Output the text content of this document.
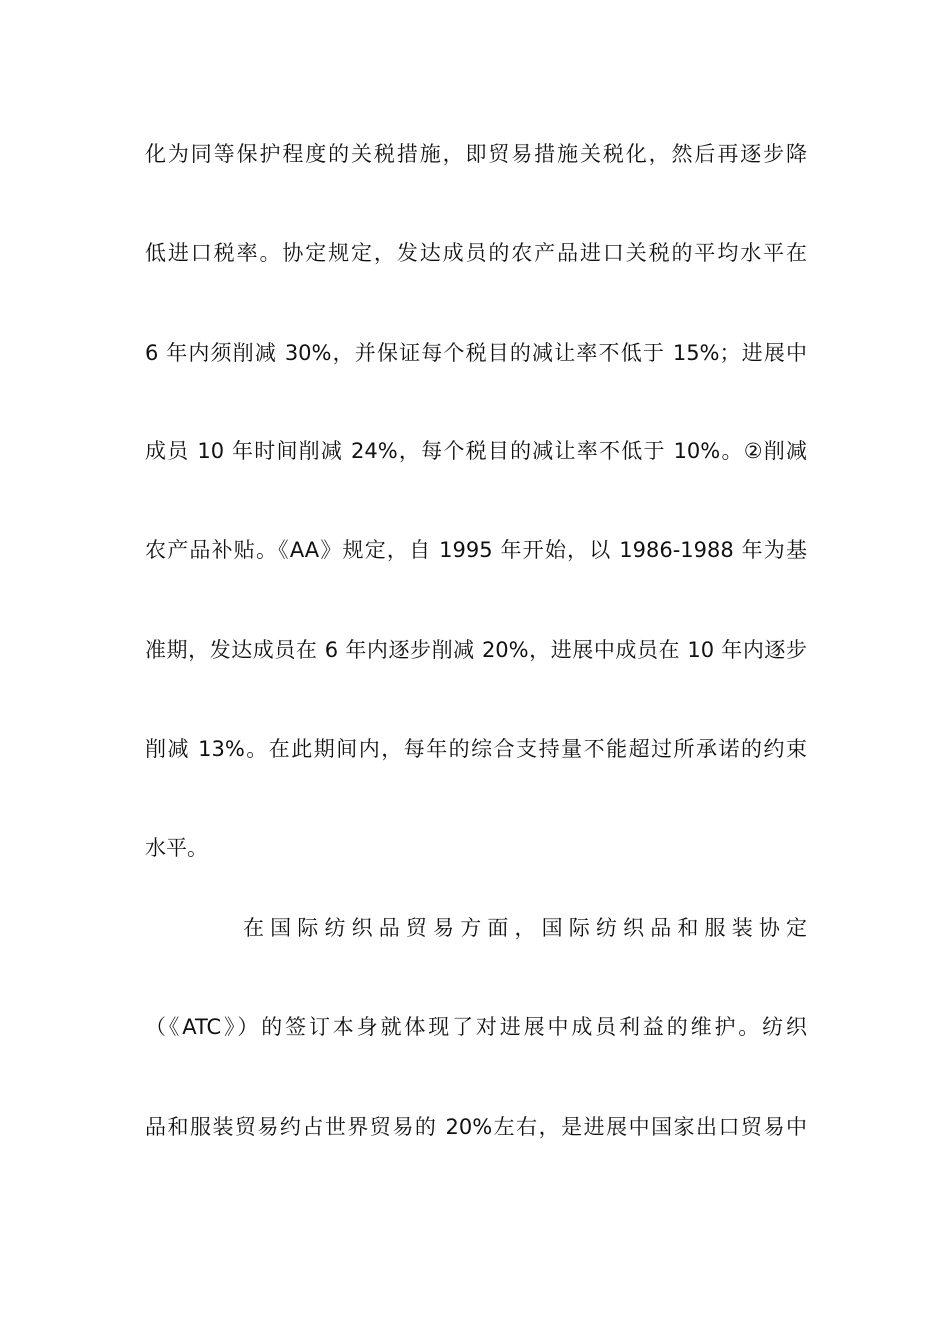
化为同等保护程度的关税措施，即贸易措施关税化，然后再逐步降
低进口税率。协定规定，发达成员的农产品进口关税的平均水平在
6 年内须削减 30%，并保证每个税目的减让率不低于 15%；进展中
成员 10 年时间削减 24%，每个税目的减让率不低于 10%。②削减
农产品补贴。《AA》规定，自 1995 年开始，以 1986-1988 年为基
准期，发达成员在 6 年内逐步削减 20%，进展中成员在 10 年内逐步
削减 13%。在此期间内，每年的综合支持量不能超过所承诺的约束
水平。
在国际纺织品贸易方面，国际纺织品和服装协定
（《ATC》）的签订本身就体现了对进展中成员利益的维护。纺织
品和服装贸易约占世界贸易的 20%左右，是进展中国家出口贸易中
